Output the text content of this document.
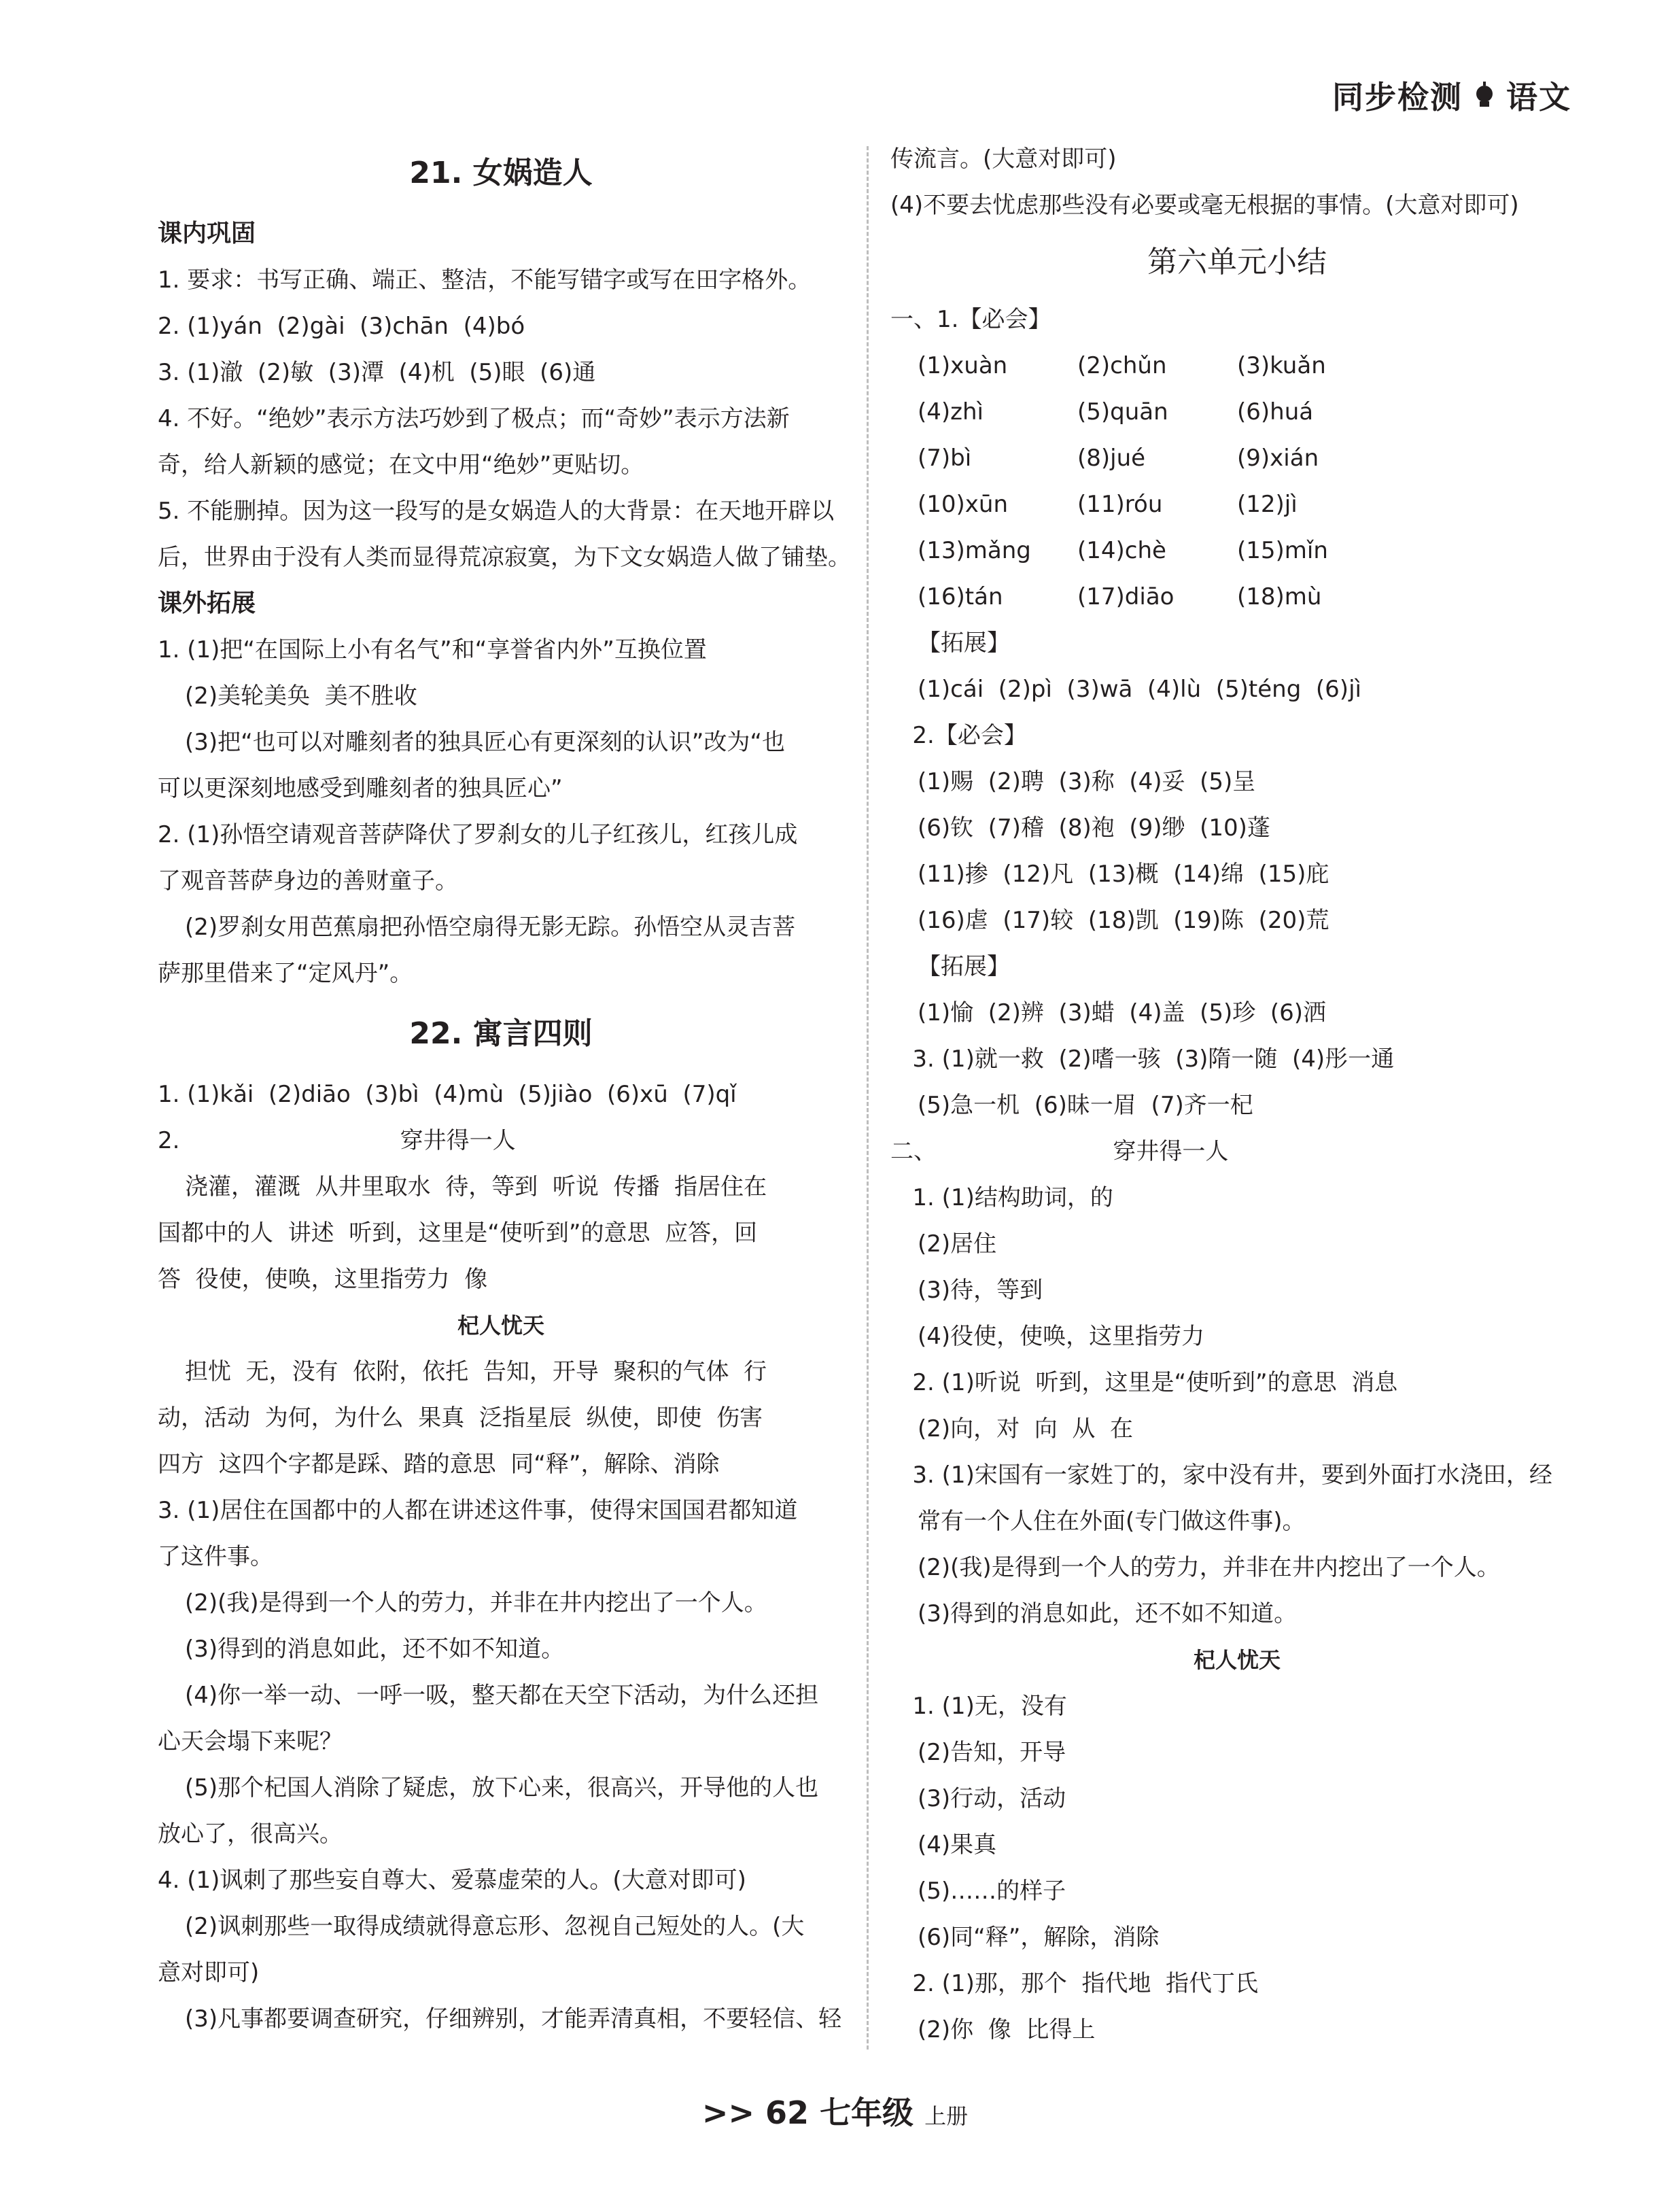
同步检测 语文
21. 女娲造人
课内巩固
1. 要求：书写正确、端正、整洁，不能写错字或写在田字格外。
2. (1)yán  (2)gài  (3)chān  (4)bó
3. (1)澈  (2)敏  (3)潭  (4)机  (5)眼  (6)通
4. 不好。“绝妙”表示方法巧妙到了极点；而“奇妙”表示方法新
奇，给人新颖的感觉；在文中用“绝妙”更贴切。
5. 不能删掉。因为这一段写的是女娲造人的大背景：在天地开辟以
后，世界由于没有人类而显得荒凉寂寞，为下文女娲造人做了铺垫。
课外拓展
1. (1)把“在国际上小有名气”和“享誉省内外”互换位置
(2)美轮美奂  美不胜收
(3)把“也可以对雕刻者的独具匠心有更深刻的认识”改为“也
可以更深刻地感受到雕刻者的独具匠心”
2. (1)孙悟空请观音菩萨降伏了罗刹女的儿子红孩儿，红孩儿成
了观音菩萨身边的善财童子。
(2)罗刹女用芭蕉扇把孙悟空扇得无影无踪。孙悟空从灵吉菩
萨那里借来了“定风丹”。
22. 寓言四则
1. (1)kǎi  (2)diāo  (3)bì  (4)mù  (5)jiào  (6)xū  (7)qǐ
2.                              穿井得一人
浇灌，灌溉  从井里取水  待，等到  听说  传播  指居住在
国都中的人  讲述  听到，这里是“使听到”的意思  应答，回
答  役使，使唤，这里指劳力  像
杞人忧天
担忧  无，没有  依附，依托  告知，开导  聚积的气体  行
动，活动  为何，为什么  果真  泛指星辰  纵使，即使  伤害
四方  这四个字都是踩、踏的意思  同“释”，解除、消除
3. (1)居住在国都中的人都在讲述这件事，使得宋国国君都知道
了这件事。
(2)(我)是得到一个人的劳力，并非在井内挖出了一个人。
(3)得到的消息如此，还不如不知道。
(4)你一举一动、一呼一吸，整天都在天空下活动，为什么还担
心天会塌下来呢？
(5)那个杞国人消除了疑虑，放下心来，很高兴，开导他的人也
放心了，很高兴。
4. (1)讽刺了那些妄自尊大、爱慕虚荣的人。(大意对即可)
(2)讽刺那些一取得成绩就得意忘形、忽视自己短处的人。(大
意对即可)
(3)凡事都要调查研究，仔细辨别，才能弄清真相，不要轻信、轻
传流言。(大意对即可)
(4)不要去忧虑那些没有必要或毫无根据的事情。(大意对即可)
第六单元小结
一、1.【必会】
(1)xuàn	(2)chǔn	(3)kuǎn
(4)zhì	(5)quān	(6)huá
(7)bì	(8)jué	(9)xián
(10)xūn	(11)róu	(12)jì
(13)mǎng	(14)chè	(15)mǐn
(16)tán	(17)diāo	(18)mù
【拓展】
(1)cái  (2)pì  (3)wā  (4)lù  (5)téng  (6)jì
2.【必会】
(1)赐  (2)聘  (3)称  (4)妥  (5)呈
(6)钦  (7)稽  (8)袍  (9)缈  (10)蓬
(11)掺  (12)凡  (13)概  (14)绵  (15)庇
(16)虐  (17)较  (18)凯  (19)陈  (20)荒
【拓展】
(1)愉  (2)辨  (3)蜡  (4)盖  (5)珍  (6)洒
3. (1)就一救  (2)嗜一骇  (3)隋一随  (4)彤一通
(5)急一机  (6)昧一眉  (7)齐一杞
二、                        穿井得一人
1. (1)结构助词，的
(2)居住
(3)待，等到
(4)役使，使唤，这里指劳力
2. (1)听说  听到，这里是“使听到”的意思  消息
(2)向，对  向  从  在
3. (1)宋国有一家姓丁的，家中没有井，要到外面打水浇田，经
常有一个人住在外面(专门做这件事)。
(2)(我)是得到一个人的劳力，并非在井内挖出了一个人。
(3)得到的消息如此，还不如不知道。
杞人忧天
1. (1)无，没有
(2)告知，开导
(3)行动，活动
(4)果真
(5)……的样子
(6)同“释”，解除，消除
2. (1)那，那个  指代地  指代丁氏
(2)你  像  比得上
>> 62 七年级 上册
